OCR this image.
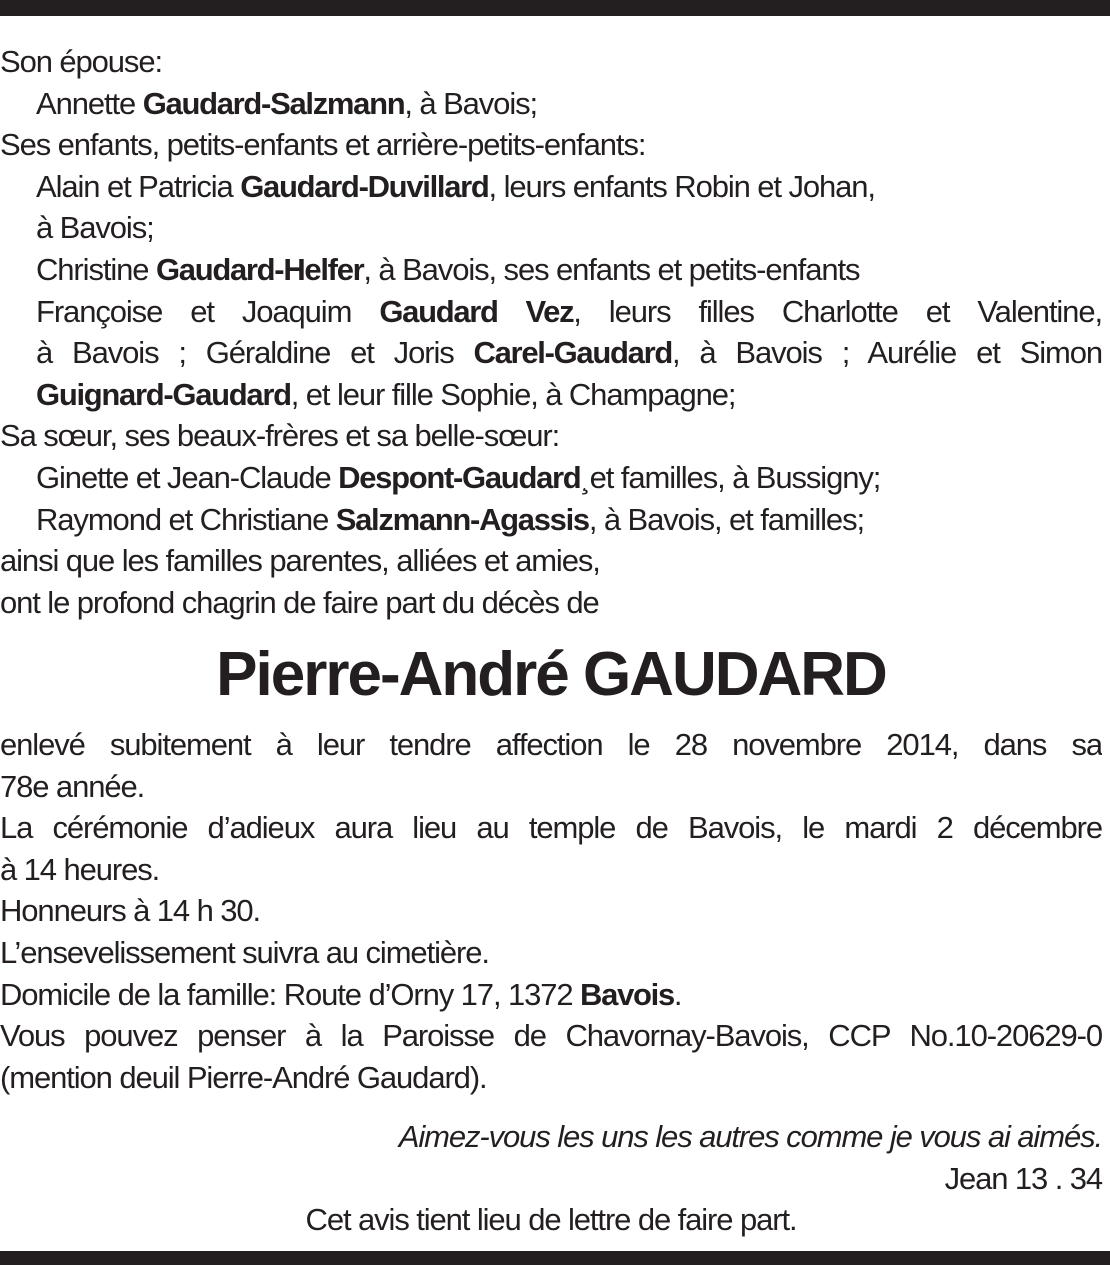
Son épouse:
Annette Gaudard-Salzmann, à Bavois;
Ses enfants, petits-enfants et arrière-petits-enfants:
Alain et Patricia Gaudard-Duvillard, leurs enfants Robin et Johan,
à Bavois;
Christine Gaudard-Helfer, à Bavois, ses enfants et petits-enfants
Françoise et Joaquim Gaudard Vez, leurs filles Charlotte et Valentine,
à Bavois ; Géraldine et Joris Carel-Gaudard, à Bavois ; Aurélie et Simon
Guignard-Gaudard, et leur fille Sophie, à Champagne;
Sa sœur, ses beaux-frères et sa belle-sœur:
Ginette et Jean-Claude Despont-Gaudard¸et familles, à Bussigny;
Raymond et Christiane Salzmann-Agassis, à Bavois, et familles;
ainsi que les familles parentes, alliées et amies,
ont le profond chagrin de faire part du décès de
Pierre-André GAUDARD
enlevé subitement à leur tendre affection le 28 novembre 2014, dans sa
78e année.
La cérémonie d’adieux aura lieu au temple de Bavois, le mardi 2 décembre
à 14 heures.
Honneurs à 14 h 30.
L’ensevelissement suivra au cimetière.
Domicile de la famille: Route d’Orny 17, 1372 Bavois.
Vous pouvez penser à la Paroisse de Chavornay-Bavois, CCP No.10-20629-0
(mention deuil Pierre-André Gaudard).
Aimez-vous les uns les autres comme je vous ai aimés.
Jean 13 . 34
Cet avis tient lieu de lettre de faire part.
